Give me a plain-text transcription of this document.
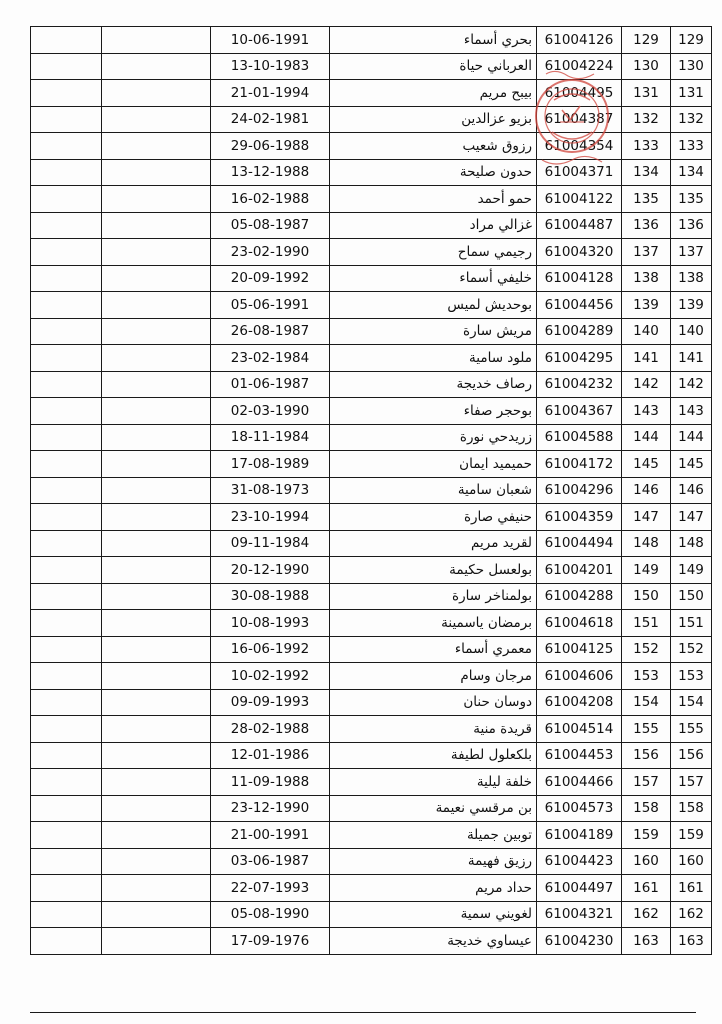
		10-06-1991	بحري أسماء	61004126	129	129
		13-10-1983	العرباني حياة	61004224	130	130
		21-01-1994	بيبح مريم	61004495	131	131
		24-02-1981	بزيو عزالدين	61004387	132	132
		29-06-1988	رزوق شعيب	61004354	133	133
		13-12-1988	حدون صليحة	61004371	134	134
		16-02-1988	حمو أحمد	61004122	135	135
		05-08-1987	غزالي مراد	61004487	136	136
		23-02-1990	رجيمي سماح	61004320	137	137
		20-09-1992	خليفي أسماء	61004128	138	138
		05-06-1991	بوحديش لميس	61004456	139	139
		26-08-1987	مريش سارة	61004289	140	140
		23-02-1984	ملود سامية	61004295	141	141
		01-06-1987	رصاف خديجة	61004232	142	142
		02-03-1990	بوحجر صفاء	61004367	143	143
		18-11-1984	زريدحي نورة	61004588	144	144
		17-08-1989	حميميد ايمان	61004172	145	145
		31-08-1973	شعبان سامية	61004296	146	146
		23-10-1994	حنيفي صارة	61004359	147	147
		09-11-1984	لقريد مريم	61004494	148	148
		20-12-1990	بولعسل حكيمة	61004201	149	149
		30-08-1988	بولمناخر سارة	61004288	150	150
		10-08-1993	برمضان ياسمينة	61004618	151	151
		16-06-1992	معمري أسماء	61004125	152	152
		10-02-1992	مرجان وسام	61004606	153	153
		09-09-1993	دوسان حنان	61004208	154	154
		28-02-1988	قريدة منية	61004514	155	155
		12-01-1986	بلكعلول لطيفة	61004453	156	156
		11-09-1988	خلفة ليلية	61004466	157	157
		23-12-1990	بن مرقسي نعيمة	61004573	158	158
		21-00-1991	توبين جميلة	61004189	159	159
		03-06-1987	رزيق فهيمة	61004423	160	160
		22-07-1993	حداد مريم	61004497	161	161
		05-08-1990	لغويني سمية	61004321	162	162
		17-09-1976	عيساوي خديجة	61004230	163	163
